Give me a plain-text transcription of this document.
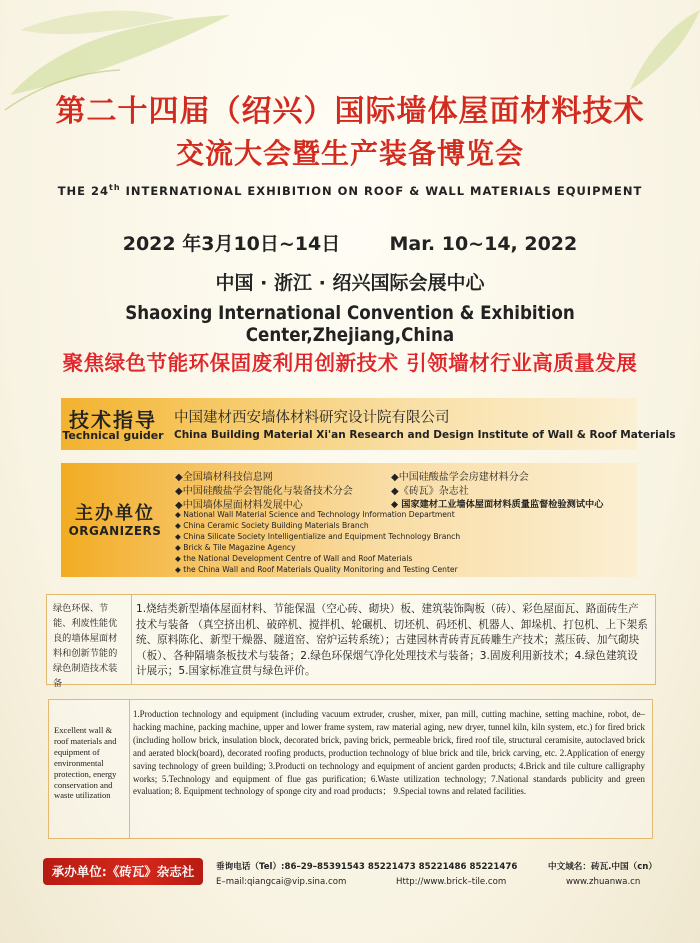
第二十四届（绍兴）国际墙体屋面材料技术
交流大会暨生产装备博览会
THE 24th INTERNATIONAL EXHIBITION ON ROOF & WALL MATERIALS EQUIPMENT
2022 年3月10日~14日	Mar. 10~14, 2022
中国 · 浙江 · 绍兴国际会展中心
Shaoxing International Convention & Exhibition Center,Zhejiang,China
聚焦绿色节能环保固废利用创新技术 引领墙材行业高质量发展
技术指导
Technical guider
中国建材西安墙体材料研究设计院有限公司
China Building Material Xi'an Research and Design Institute of Wall & Roof Materials
主办单位
ORGANIZERS
◆全国墙材科技信息网
◆中国硅酸盐学会智能化与装备技术分会
◆中国墙体屋面材料发展中心
◆中国硅酸盐学会房建材料分会
◆《砖瓦》杂志社
◆ 国家建材工业墙体屋面材料质量监督检验测试中心
◆ National Wall Material Science and Technology Information Department
◆ China Ceramic Society Building Materials Branch
◆ China Silicate Society Intelligentialize and Equipment Technology Branch
◆ Brick & Tile Magazine Agency
◆ the National Development Centre of Wall and Roof Materials
◆ the China Wall and Roof Materials Quality Monitoring and Testing Center
绿色环保、节能、利废性能优良的墙体屋面材料和创新节能的绿色制造技术装备
1.烧结类新型墙体屋面材料、节能保温（空心砖、砌块）板、建筑装饰陶板（砖）、彩色屋面瓦、路面砖生产技术与装备 （真空挤出机、破碎机、搅拌机、轮碾机、切坯机、码坯机、机器人、卸垛机、打包机、上下架系统、原料陈化、新型干燥器、隧道窑、窑炉运转系统）；古建园林青砖青瓦砖雕生产技术；蒸压砖、加气砌块（板）、各种隔墙条板技术与装备；2.绿色环保烟气净化处理技术与装备；3.固废利用新技术；4.绿色建筑设计展示；5.国家标准宣贯与绿色评价。
Excellent wall & roof materials and equipment of environmental protection, energy conservation and waste utilization
1.Production technology and equipment (including vacuum extruder, crusher, mixer, pan mill, cutting machine, setting machine, robot, de–hacking machine, packing machine, upper and lower frame system, raw material aging, new dryer, tunnel kiln, kiln system, etc.) for fired brick (including hollow brick, insulation block, decorated brick, paving brick, permeable brick, fired roof tile, structural ceramisite, autoclaved brick and aerated block(board), decorated roofing products, production technology of blue brick and tile, brick carving, etc. 2.Application of energy saving technology of green building; 3.Producti on technology and equipment of ancient garden products; 4.Brick and tile culture calligraphy works; 5.Technology and equipment of flue gas purification; 6.Waste utilization technology; 7.National standards publicity and green evaluation; 8. Equipment technology of sponge city and road products； 9.Special towns and related facilities.
承办单位:《砖瓦》杂志社	垂询电话（Tel）:86–29–85391543 85221473 85221486 85221476
E–mail:qiangcai@vip.sina.com	Http://www.brick–tile.com
中文域名：砖瓦.中国（cn）
www.zhuanwa.cn
